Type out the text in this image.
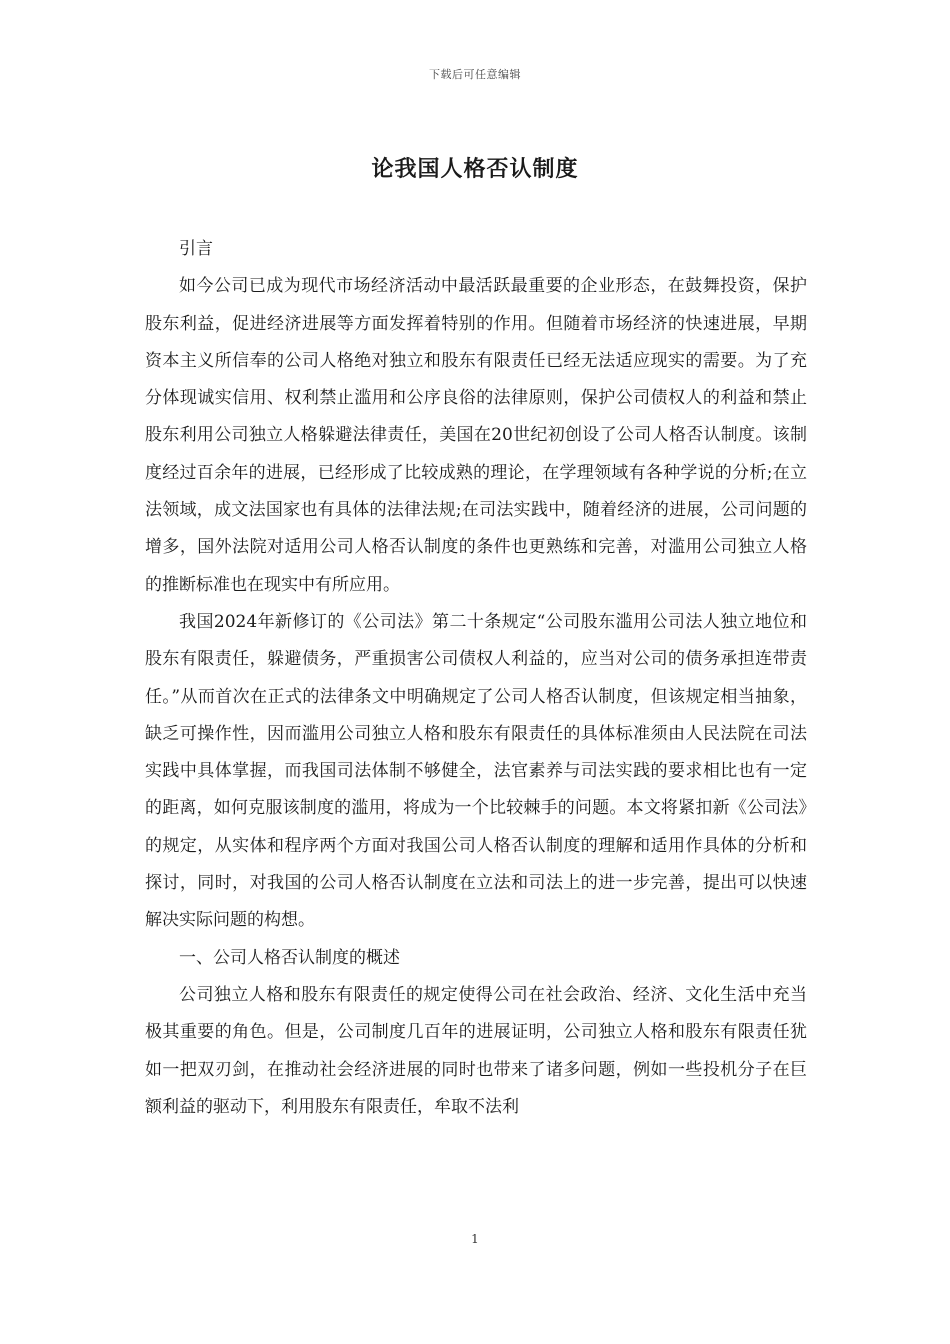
下载后可任意编辑
论我国人格否认制度

引言

如今公司已成为现代市场经济活动中最活跃最重要的企业形态，在鼓舞投资，保护股东利益，促进经济进展等方面发挥着特别的作用。但随着市场经济的快速进展，早期资本主义所信奉的公司人格绝对独立和股东有限责任已经无法适应现实的需要。为了充分体现诚实信用、权利禁止滥用和公序良俗的法律原则，保护公司债权人的利益和禁止股东利用公司独立人格躲避法律责任，美国在20世纪初创设了公司人格否认制度。该制度经过百余年的进展，已经形成了比较成熟的理论，在学理领域有各种学说的分析;在立法领域，成文法国家也有具体的法律法规;在司法实践中，随着经济的进展，公司问题的增多，国外法院对适用公司人格否认制度的条件也更熟练和完善，对滥用公司独立人格的推断标准也在现实中有所应用。

我国2024年新修订的《公司法》第二十条规定“公司股东滥用公司法人独立地位和股东有限责任，躲避债务，严重损害公司债权人利益的，应当对公司的债务承担连带责任。”从而首次在正式的法律条文中明确规定了公司人格否认制度，但该规定相当抽象，缺乏可操作性，因而滥用公司独立人格和股东有限责任的具体标准须由人民法院在司法实践中具体掌握，而我国司法体制不够健全，法官素养与司法实践的要求相比也有一定的距离，如何克服该制度的滥用，将成为一个比较棘手的问题。本文将紧扣新《公司法》的规定，从实体和程序两个方面对我国公司人格否认制度的理解和适用作具体的分析和探讨，同时，对我国的公司人格否认制度在立法和司法上的进一步完善，提出可以快速解决实际问题的构想。

一、公司人格否认制度的概述

公司独立人格和股东有限责任的规定使得公司在社会政治、经济、文化生活中充当极其重要的角色。但是，公司制度几百年的进展证明，公司独立人格和股东有限责任犹如一把双刃剑，在推动社会经济进展的同时也带来了诸多问题，例如一些投机分子在巨额利益的驱动下，利用股东有限责任，牟取不法利

1
